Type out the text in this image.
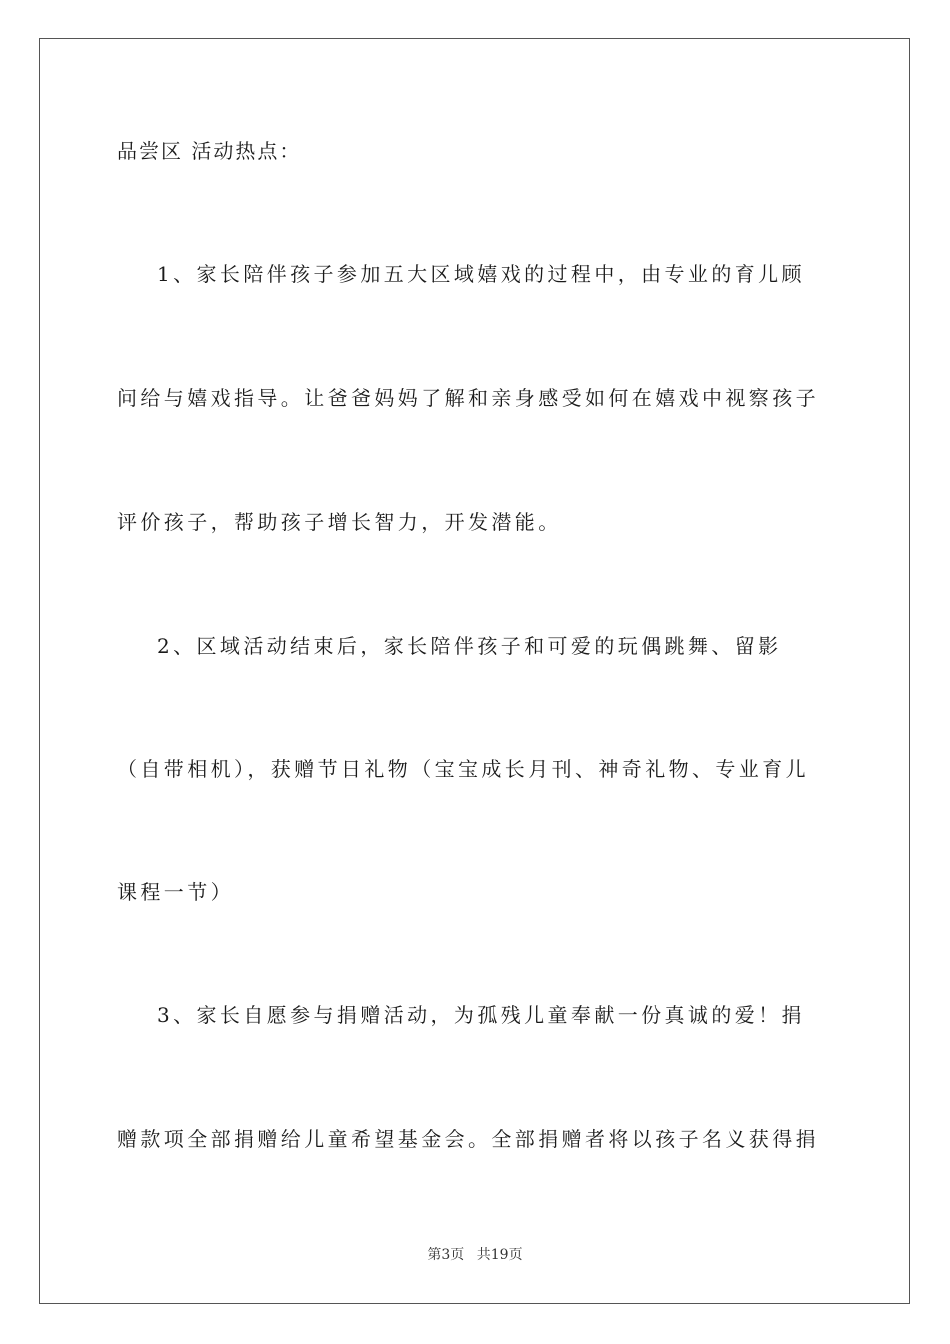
品尝区 活动热点：
1、家长陪伴孩子参加五大区域嬉戏的过程中，由专业的育儿顾
问给与嬉戏指导。让爸爸妈妈了解和亲身感受如何在嬉戏中视察孩子
评价孩子，帮助孩子增长智力，开发潜能。
2、区域活动结束后，家长陪伴孩子和可爱的玩偶跳舞、留影
（自带相机），获赠节日礼物（宝宝成长月刊、神奇礼物、专业育儿
课程一节）
3、家长自愿参与捐赠活动，为孤残儿童奉献一份真诚的爱！捐
赠款项全部捐赠给儿童希望基金会。全部捐赠者将以孩子名义获得捐
第3页 共19页
